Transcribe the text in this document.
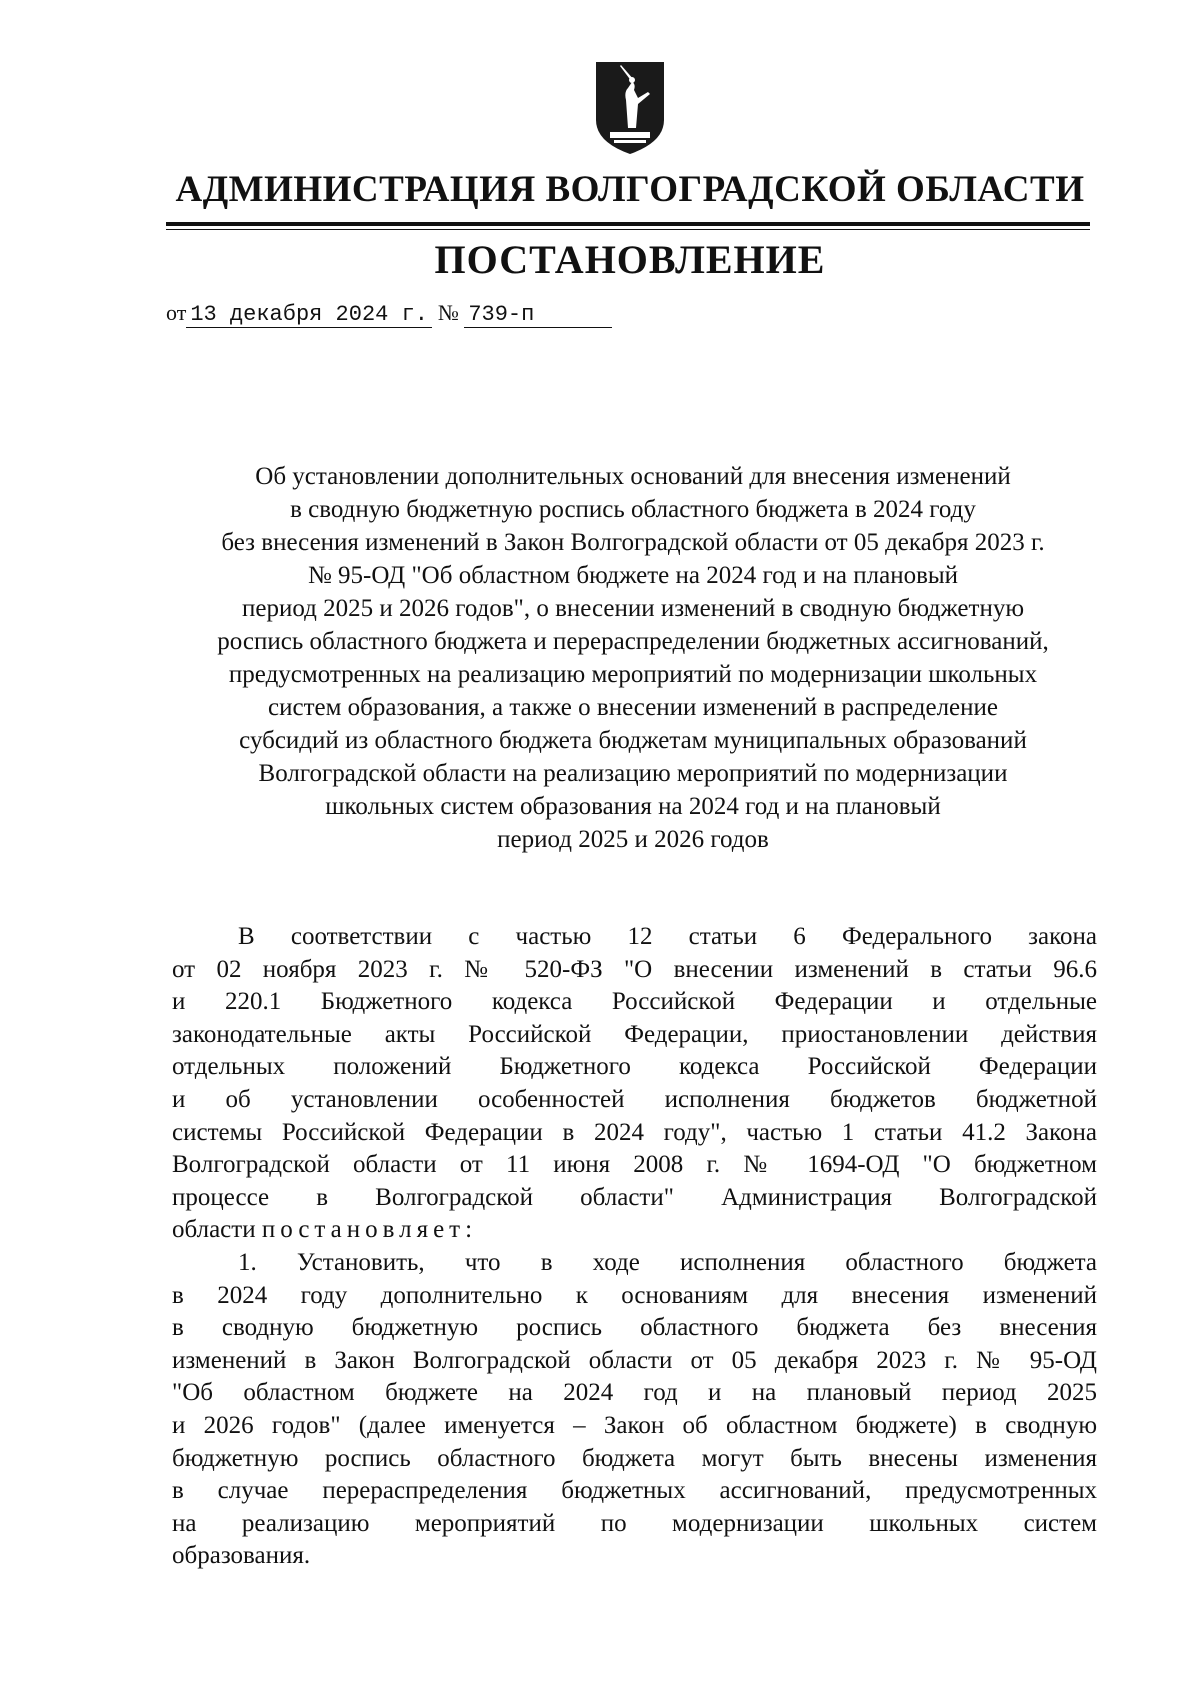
АДМИНИСТРАЦИЯ ВОЛГОГРАДСКОЙ ОБЛАСТИ
ПОСТАНОВЛЕНИЕ
от 13 декабря 2024 г. № 739-п
Об установлении дополнительных оснований для внесения изменений
в сводную бюджетную роспись областного бюджета в 2024 году
без внесения изменений в Закон Волгоградской области от 05 декабря 2023 г.
№ 95-ОД "Об областном бюджете на 2024 год и на плановый
период 2025 и 2026 годов", о внесении изменений в сводную бюджетную
роспись областного бюджета и перераспределении бюджетных ассигнований,
предусмотренных на реализацию мероприятий по модернизации школьных
систем образования, а также о внесении изменений в распределение
субсидий из областного бюджета бюджетам муниципальных образований
Волгоградской области на реализацию мероприятий по модернизации
школьных систем образования на 2024 год и на плановый
период 2025 и 2026 годов
В соответствии с частью 12 статьи 6 Федерального закона
от 02 ноября 2023 г. № 520-ФЗ "О внесении изменений в статьи 96.6
и 220.1 Бюджетного кодекса Российской Федерации и отдельные
законодательные акты Российской Федерации, приостановлении действия
отдельных положений Бюджетного кодекса Российской Федерации
и об установлении особенностей исполнения бюджетов бюджетной
системы Российской Федерации в 2024 году", частью 1 статьи 41.2 Закона
Волгоградской области от 11 июня 2008 г. № 1694-ОД "О бюджетном
процессе в Волгоградской области" Администрация Волгоградской
области постановляет:
1. Установить, что в ходе исполнения областного бюджета
в 2024 году дополнительно к основаниям для внесения изменений
в сводную бюджетную роспись областного бюджета без внесения
изменений в Закон Волгоградской области от 05 декабря 2023 г. № 95-ОД
"Об областном бюджете на 2024 год и на плановый период 2025
и 2026 годов" (далее именуется – Закон об областном бюджете) в сводную
бюджетную роспись областного бюджета могут быть внесены изменения
в случае перераспределения бюджетных ассигнований, предусмотренных
на реализацию мероприятий по модернизации школьных систем
образования.
